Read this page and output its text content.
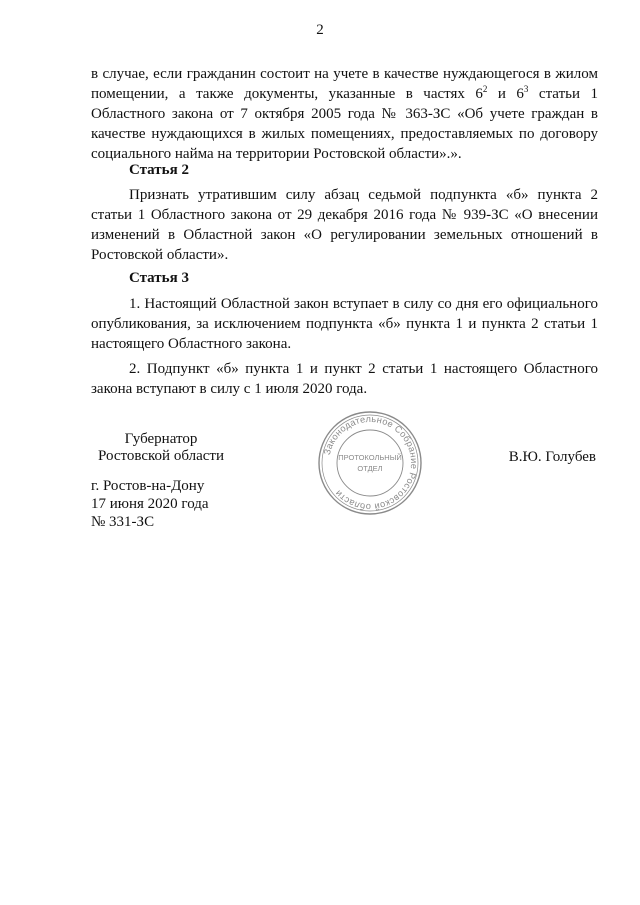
2

в случае, если гражданин состоит на учете в качестве нуждающегося в жилом помещении, а также документы, указанные в частях $6^2$ и $6^3$ статьи 1 Областного закона от 7 октября 2005 года № 363-ЗС «Об учете граждан в качестве нуждающихся в жилых помещениях, предоставляемых по договору социального найма на территории Ростовской области».».

Статья 2

Признать утратившим силу абзац седьмой подпункта «б» пункта 2 статьи 1 Областного закона от 29 декабря 2016 года № 939-ЗС «О внесении изменений в Областной закон «О регулировании земельных отношений в Ростовской области».

Статья 3

1. Настоящий Областной закон вступает в силу со дня его официального опубликования, за исключением подпункта «б» пункта 1 и пункта 2 статьи 1 настоящего Областного закона.

2. Подпункт «б» пункта 1 и пункт 2 статьи 1 настоящего Областного закона вступают в силу с 1 июля 2020 года.

Губернатор
Ростовской области	В.Ю. Голубев
г. Ростов-на-Дону
17 июня 2020 года
№ 331-ЗС
Законодательное Собрание Ростовской области
ПРОТОКОЛЬНЫЙ
ОТДЕЛ
